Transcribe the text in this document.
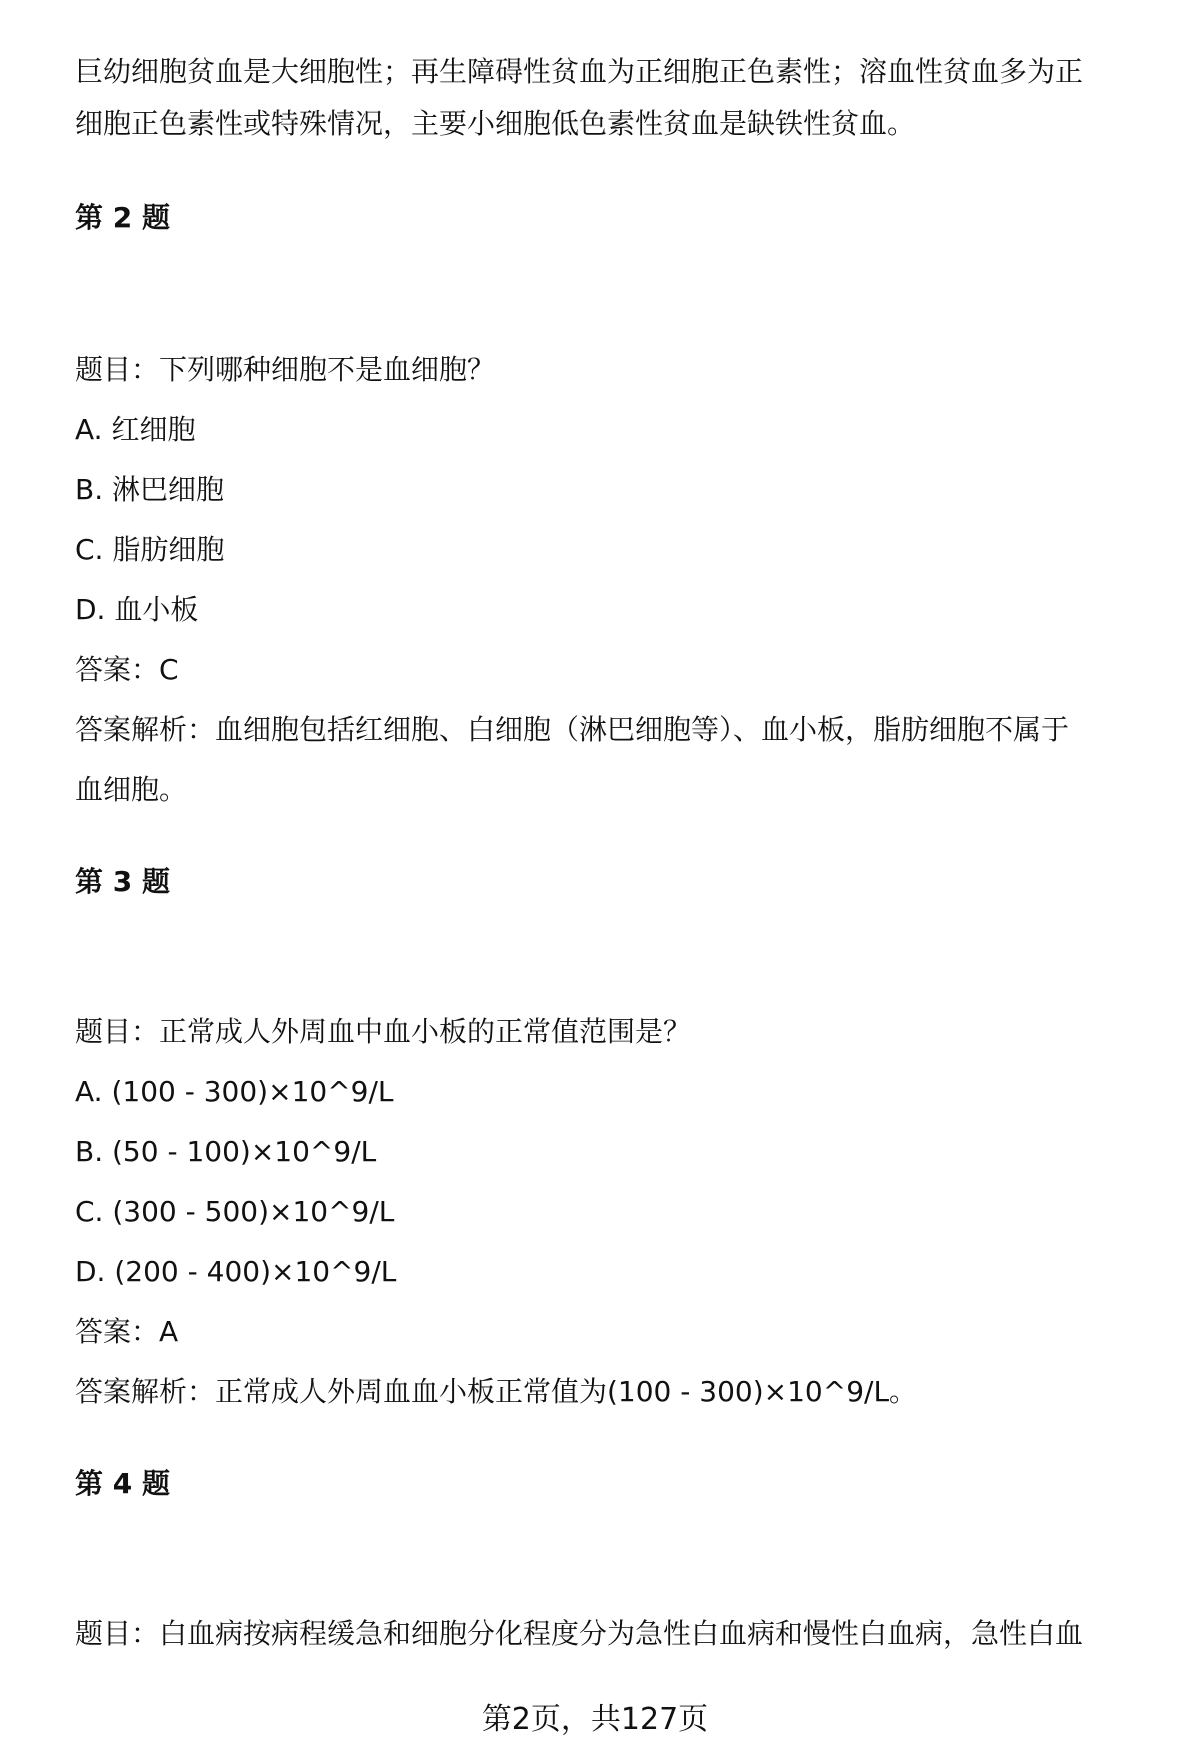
巨幼细胞贫血是大细胞性；再生障碍性贫血为正细胞正色素性；溶血性贫血多为正
细胞正色素性或特殊情况，主要小细胞低色素性贫血是缺铁性贫血。
第 2 题
题目：下列哪种细胞不是血细胞？
A. 红细胞
B. 淋巴细胞
C. 脂肪细胞
D. 血小板
答案：C
答案解析：血细胞包括红细胞、白细胞（淋巴细胞等）、血小板，脂肪细胞不属于
血细胞。
第 3 题
题目：正常成人外周血中血小板的正常值范围是？
A. (100 - 300)×10^9/L
B. (50 - 100)×10^9/L
C. (300 - 500)×10^9/L
D. (200 - 400)×10^9/L
答案：A
答案解析：正常成人外周血血小板正常值为(100 - 300)×10^9/L。
第 4 题
题目：白血病按病程缓急和细胞分化程度分为急性白血病和慢性白血病，急性白血
第2页，共127页
